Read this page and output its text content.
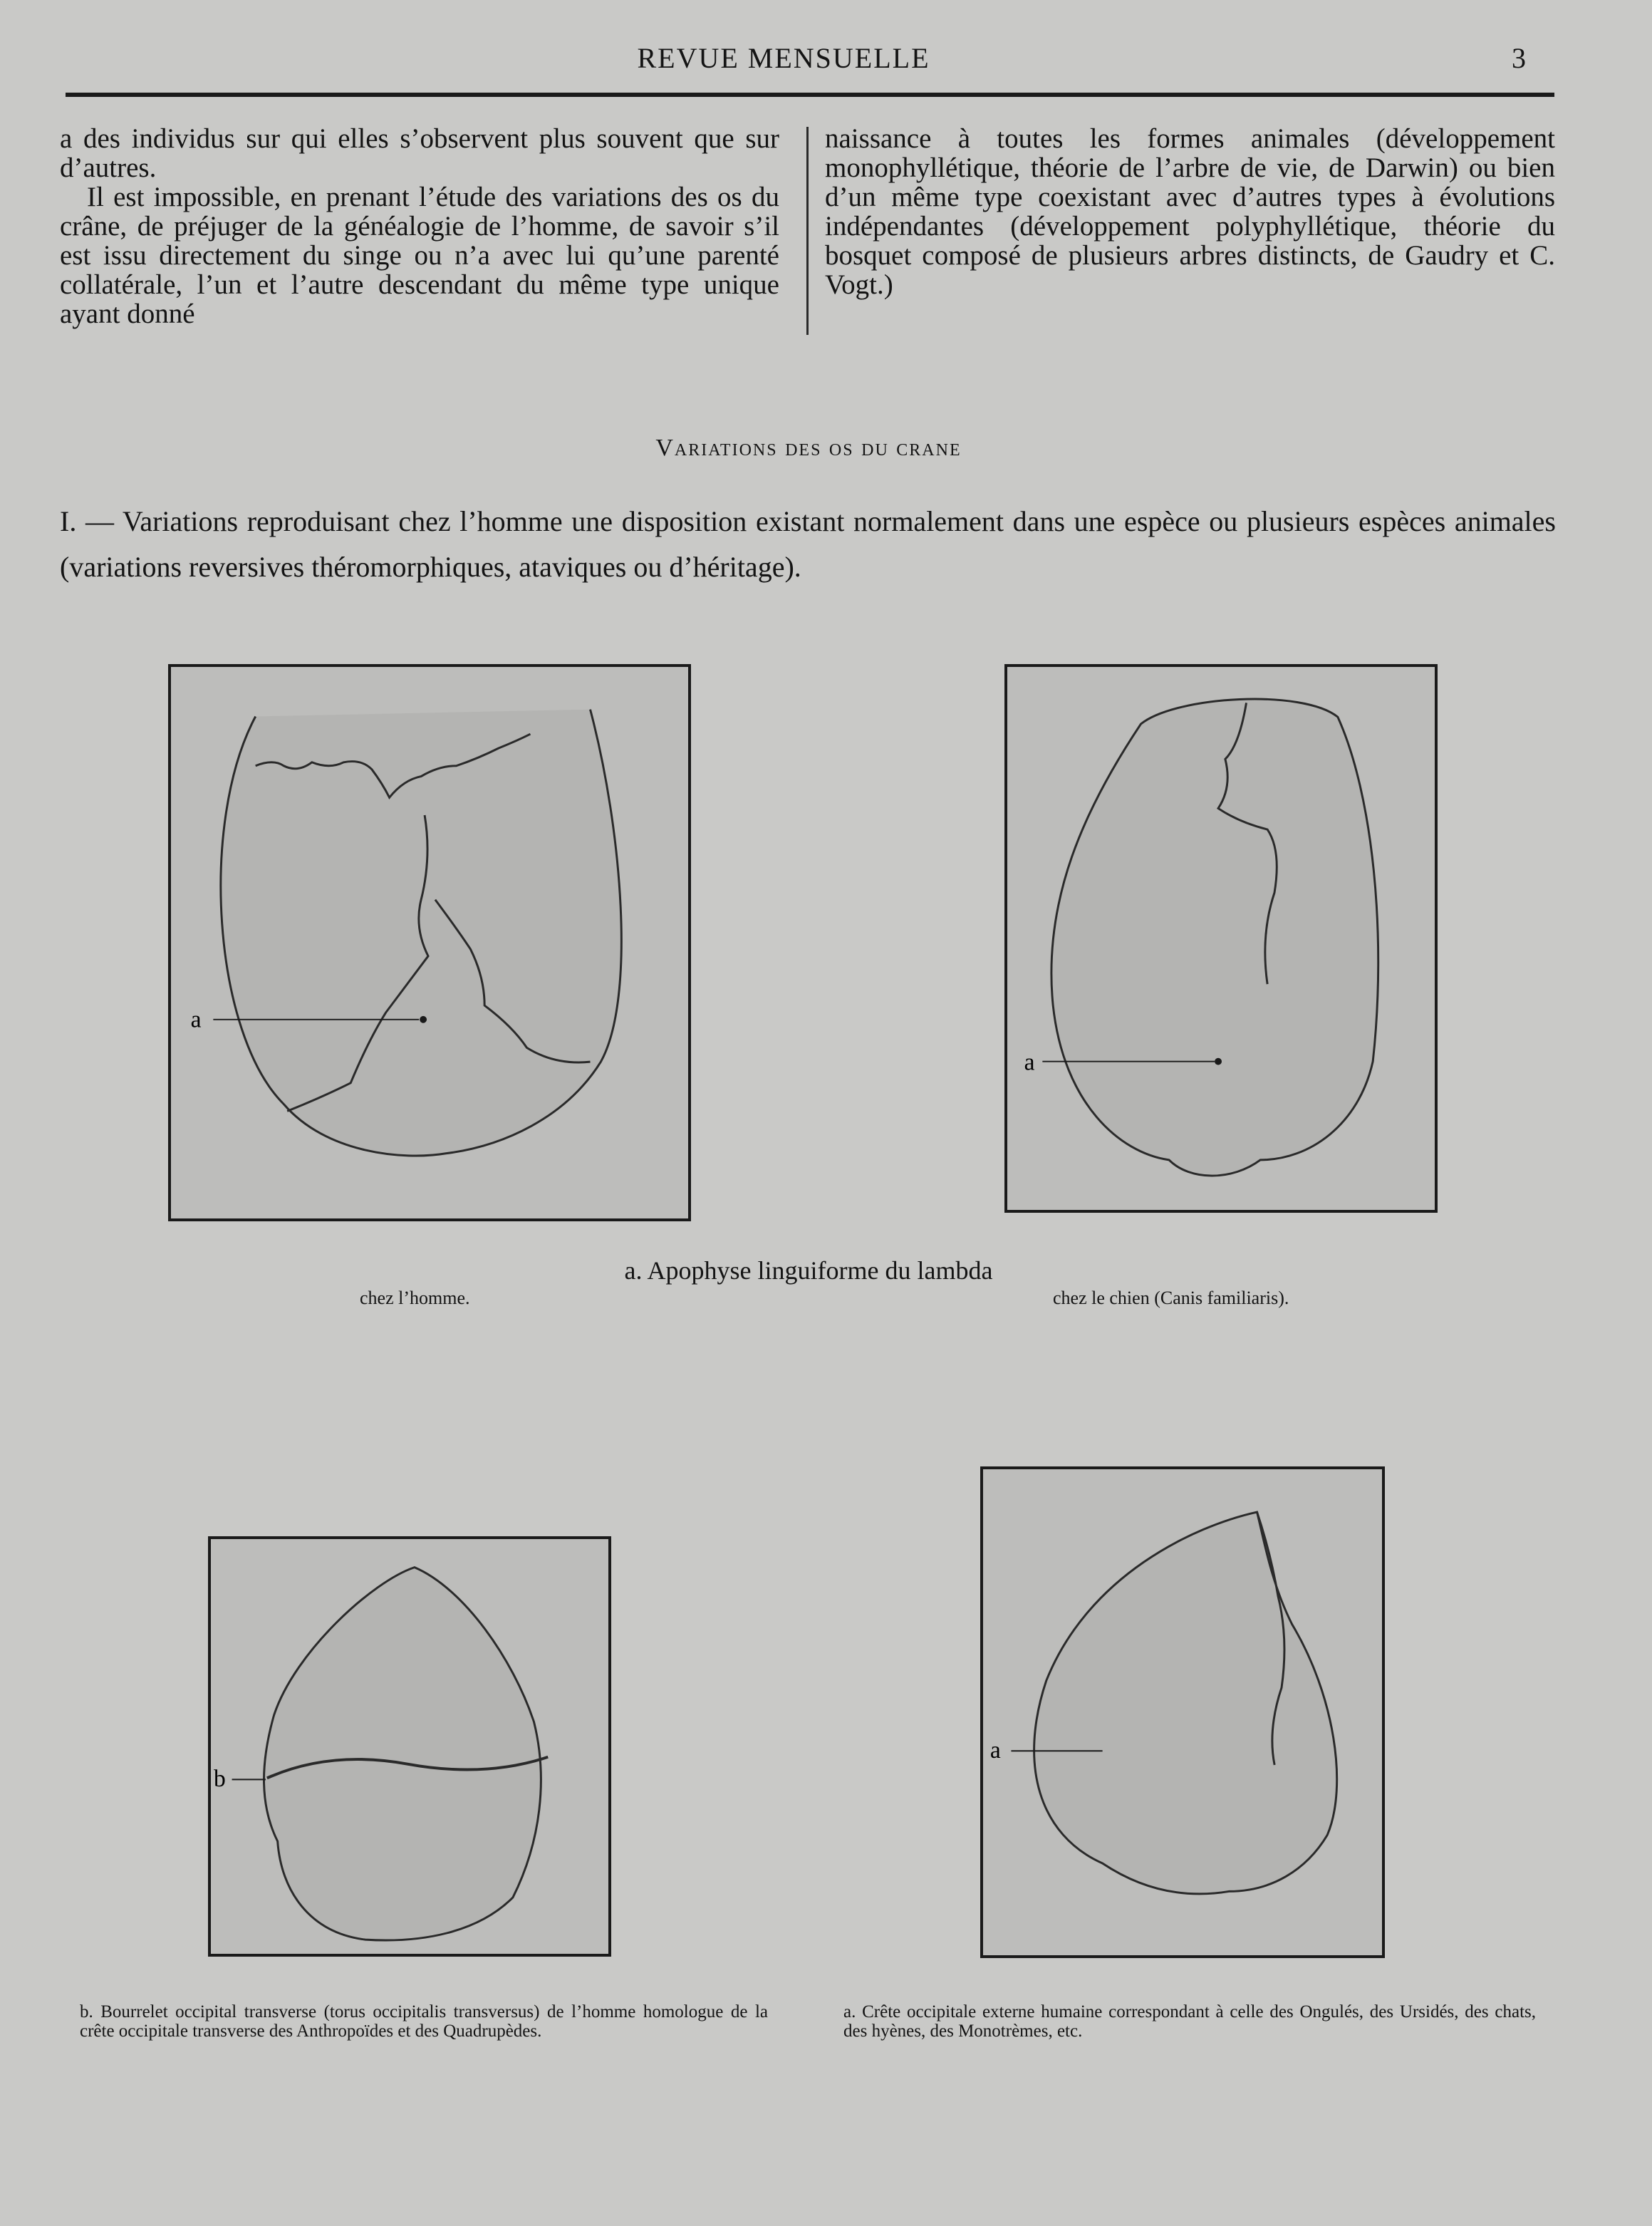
REVUE MENSUELLE	3

a des individus sur qui elles s’observent plus souvent que sur d’autres.

Il est impossible, en prenant l’étude des variations des os du crâne, de préjuger de la généalogie de l’homme, de savoir s’il est issu directement du singe ou n’a avec lui qu’une parenté collatérale, l’un et l’autre descendant du même type unique ayant donné

naissance à toutes les formes animales (développement monophyllétique, théorie de l’arbre de vie, de Darwin) ou bien d’un même type coexistant avec d’autres types à évolutions indépendantes (développement polyphyllétique, théorie du bosquet composé de plusieurs arbres distincts, de Gaudry et C. Vogt.)

Variations des os du crane
I. — Variations reproduisant chez l’homme une disposition existant normalement dans une espèce ou plusieurs espèces animales (variations reversives théromorphiques, ataviques ou d’héritage).
a
a
a. Apophyse linguiforme du lambda
chez l’homme.	chez le chien (Canis familiaris).
b
b. Bourrelet occipital transverse (torus occipitalis transversus) de l’homme homologue de la crête occipitale transverse des Anthropoïdes et des Quadrupèdes.
a
a. Crête occipitale externe humaine correspondant à celle des Ongulés, des Ursidés, des chats, des hyènes, des Monotrèmes, etc.
